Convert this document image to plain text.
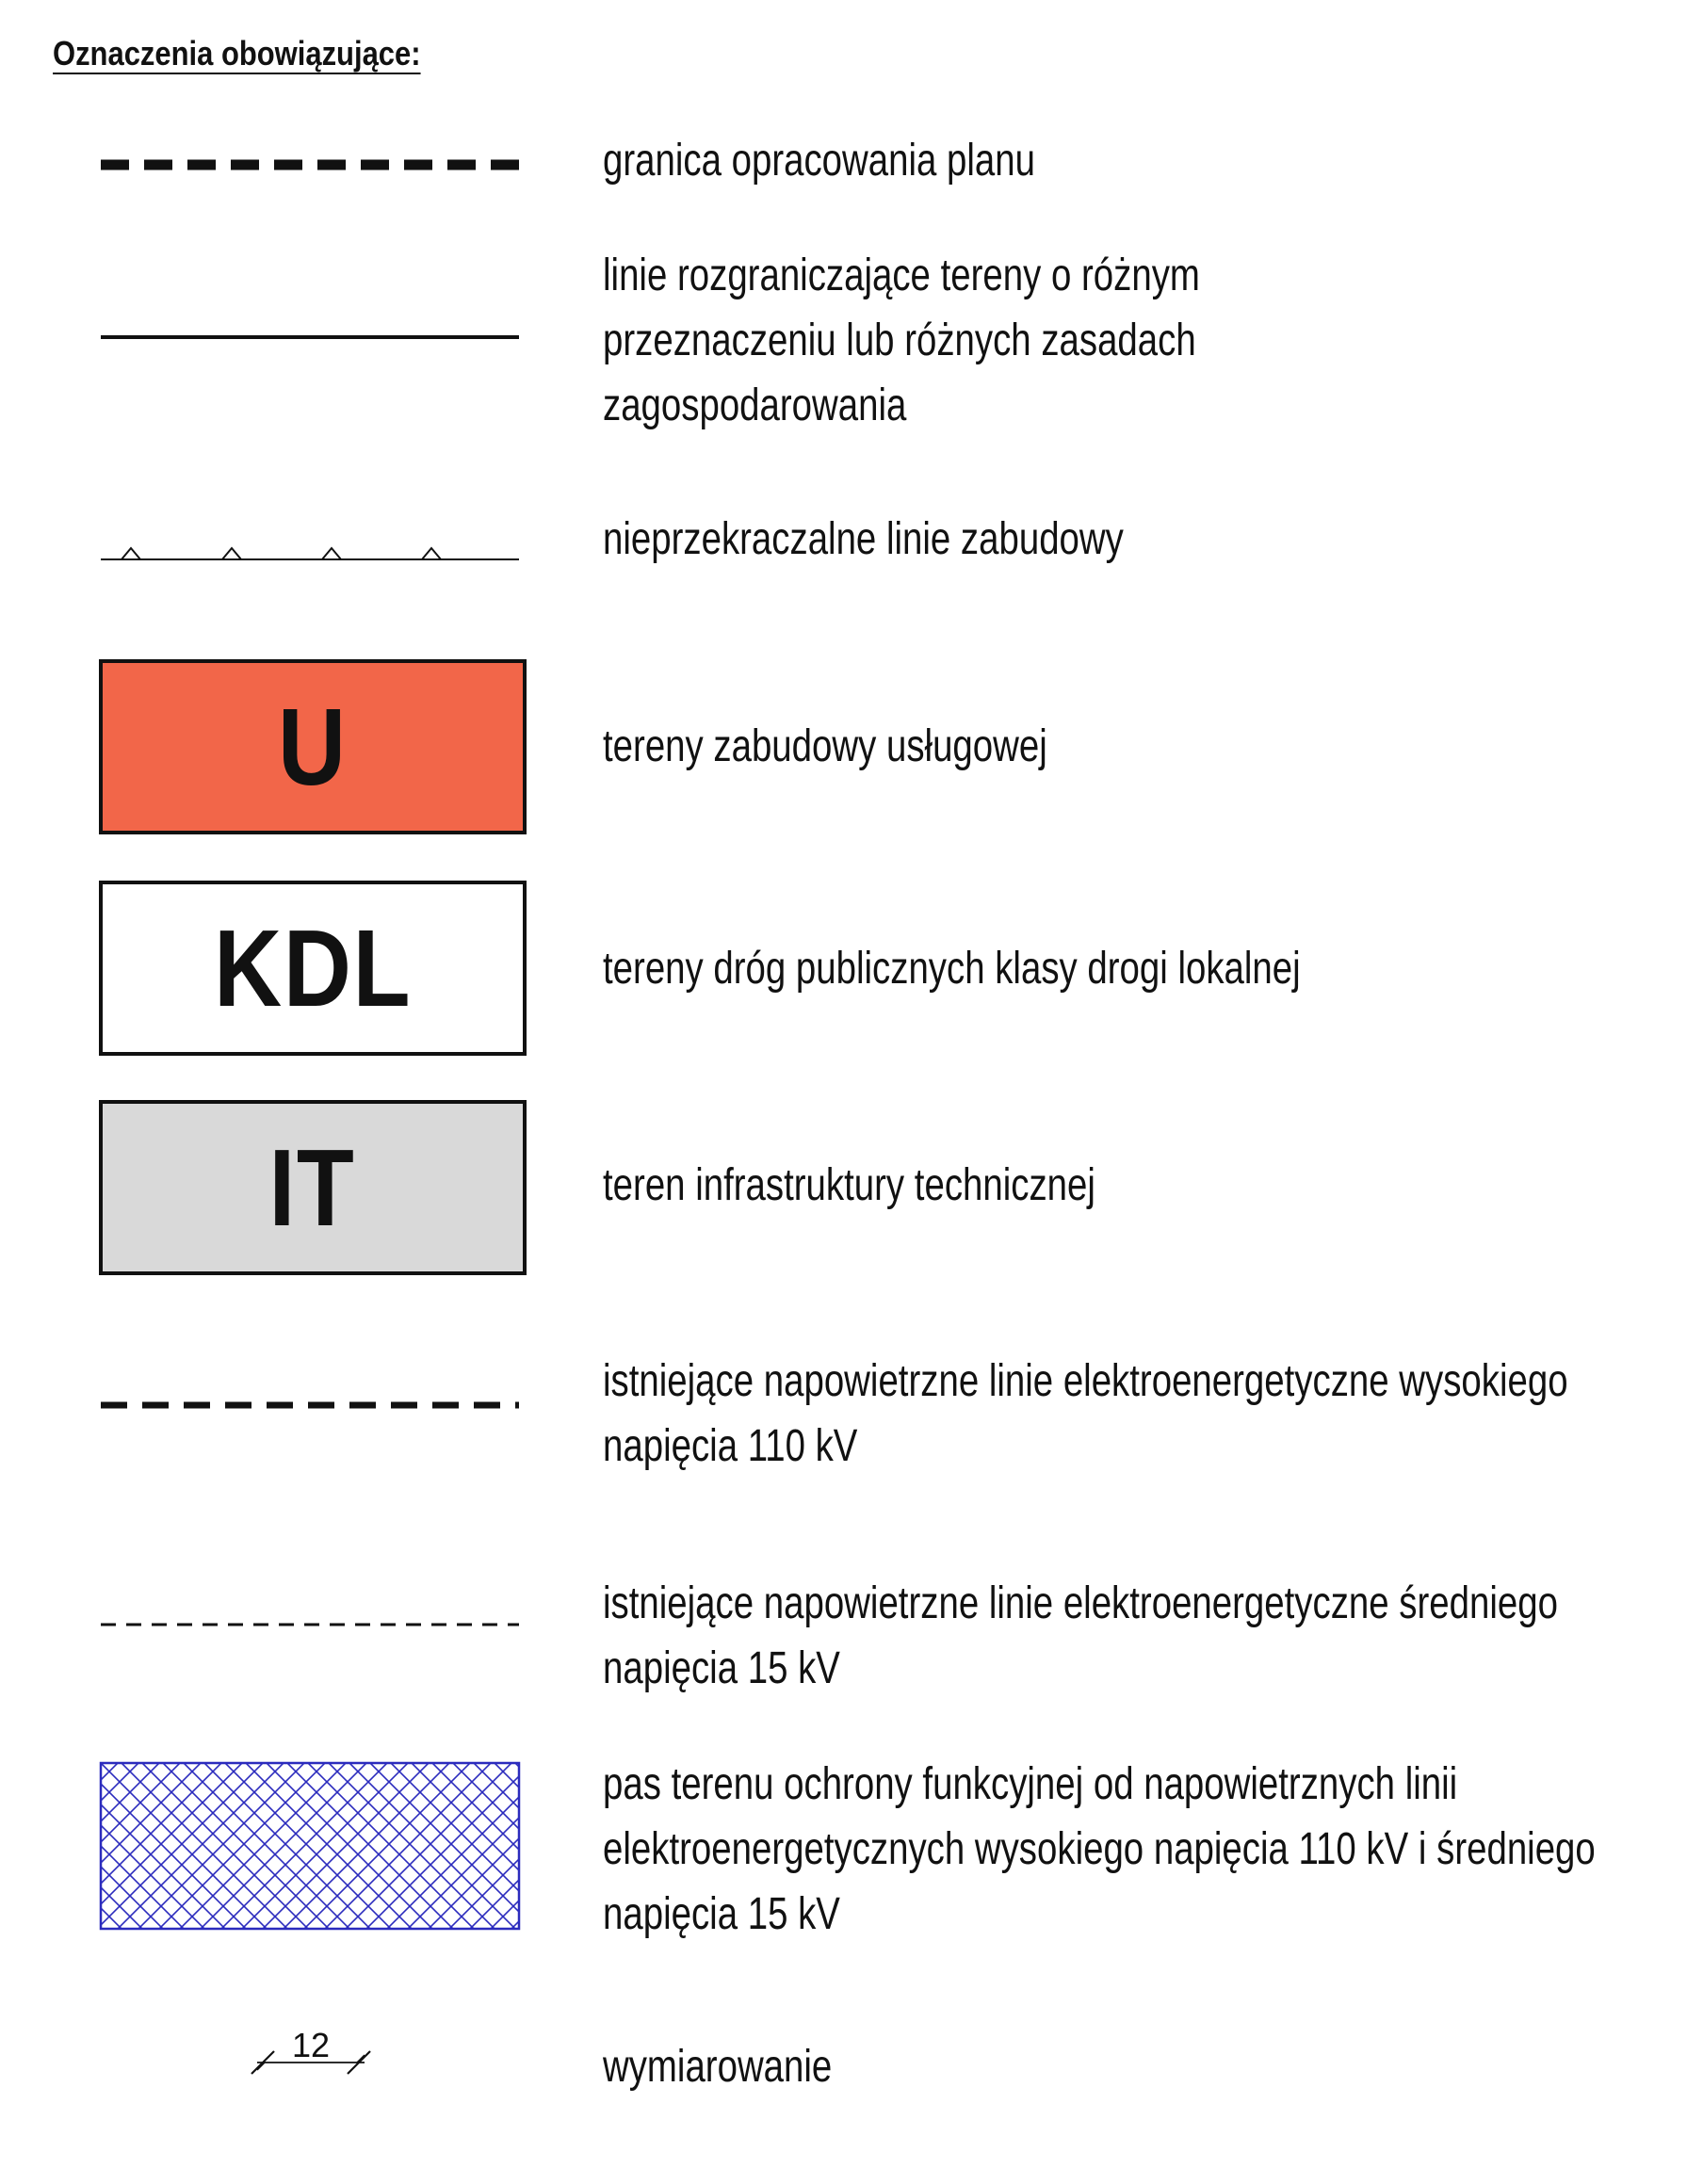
Oznaczenia obowiązujące:
granica opracowania planu
linie rozgraniczające tereny o różnym
przeznaczeniu lub różnych zasadach
zagospodarowania
nieprzekraczalne linie zabudowy
U	tereny zabudowy usługowej
KDL	tereny dróg publicznych klasy drogi lokalnej
IT	teren infrastruktury technicznej
istniejące napowietrzne linie elektroenergetyczne wysokiego
napięcia 110 kV
istniejące napowietrzne linie elektroenergetyczne średniego
napięcia 15 kV
pas terenu ochrony funkcyjnej od napowietrznych linii
elektroenergetycznych wysokiego napięcia 110 kV i średniego
napięcia 15 kV
12	wymiarowanie
